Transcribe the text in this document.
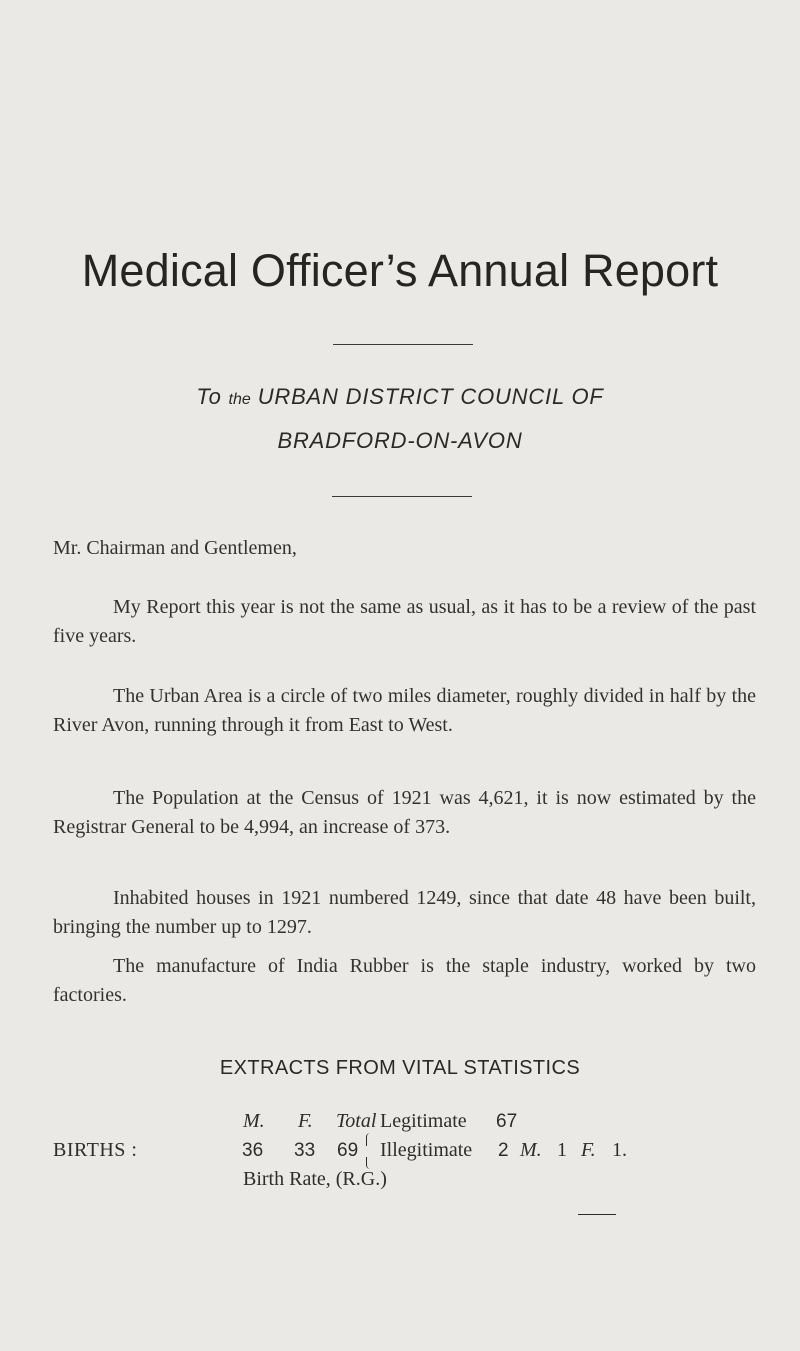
Medical Officer’s Annual Report
To the URBAN DISTRICT COUNCIL OF
BRADFORD-ON-AVON

Mr. Chairman and Gentlemen,

My Report this year is not the same as usual, as it has to be a review of the past five years.

The Urban Area is a circle of two miles diameter, roughly divided in half by the River Avon, running through it from East to West.

The Population at the Census of 1921 was 4,621, it is now estimated by the Registrar General to be 4,994, an increase of 373.

Inhabited houses in 1921 numbered 1249, since that date 48 have been built, bringing the number up to 1297.

The manufacture of India Rubber is the staple industry, worked by two factories.

EXTRACTS FROM VITAL STATISTICS
M. F. Total
BIRTHS :	36 33 69
Legitimate 67
Illegitimate 2 M. 1 F. 1.
Birth Rate, (R.G.)
